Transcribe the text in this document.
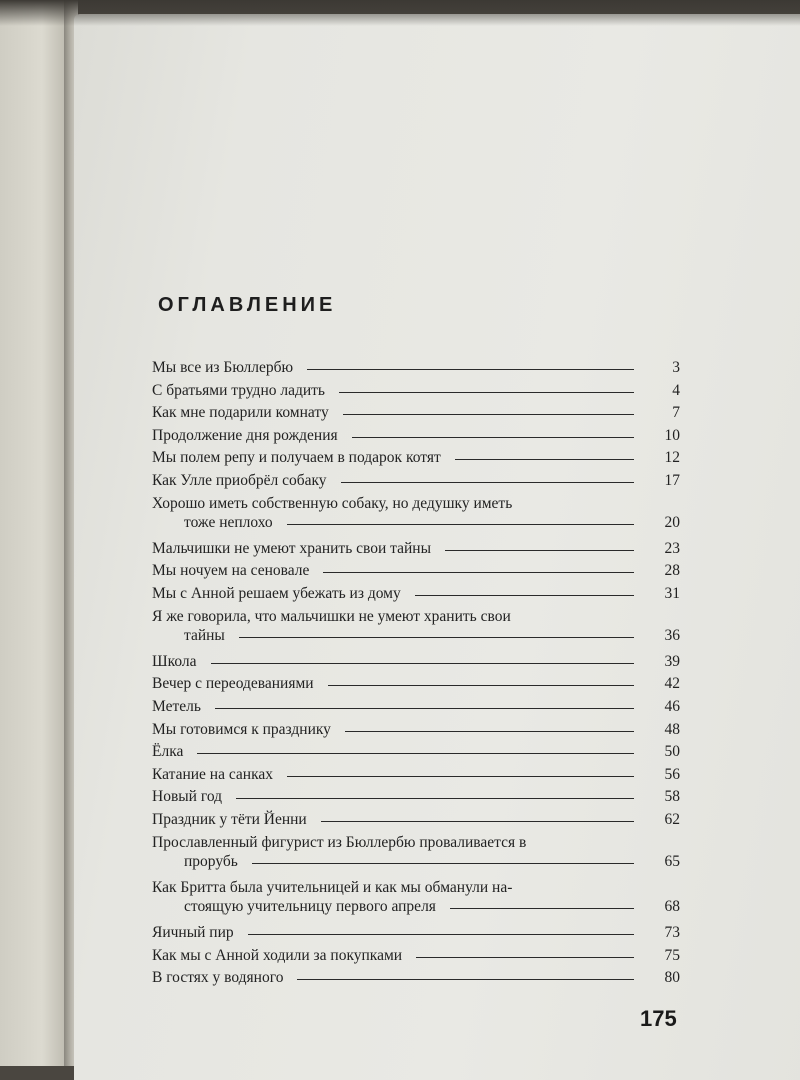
ОГЛАВЛЕНИЕ
Мы все из Бюллербю	3
С братьями трудно ладить	4
Как мне подарили комнату	7
Продолжение дня рождения	10
Мы полем репу и получаем в подарок котят	12
Как Улле приобрёл собаку	17
Хорошо иметь собственную собаку, но дедушку иметь
тоже неплохо	20
Мальчишки не умеют хранить свои тайны	23
Мы ночуем на сеновале	28
Мы с Анной решаем убежать из дому	31
Я же говорила, что мальчишки не умеют хранить свои
тайны	36
Школа	39
Вечер с переодеваниями	42
Метель	46
Мы готовимся к празднику	48
Ёлка	50
Катание на санках	56
Новый год	58
Праздник у тёти Йенни	62
Прославленный фигурист из Бюллербю проваливается в
прорубь	65
Как Бритта была учительницей и как мы обманули на-
стоящую учительницу первого апреля	68
Яичный пир	73
Как мы с Анной ходили за покупками	75
В гостях у водяного	80
175
